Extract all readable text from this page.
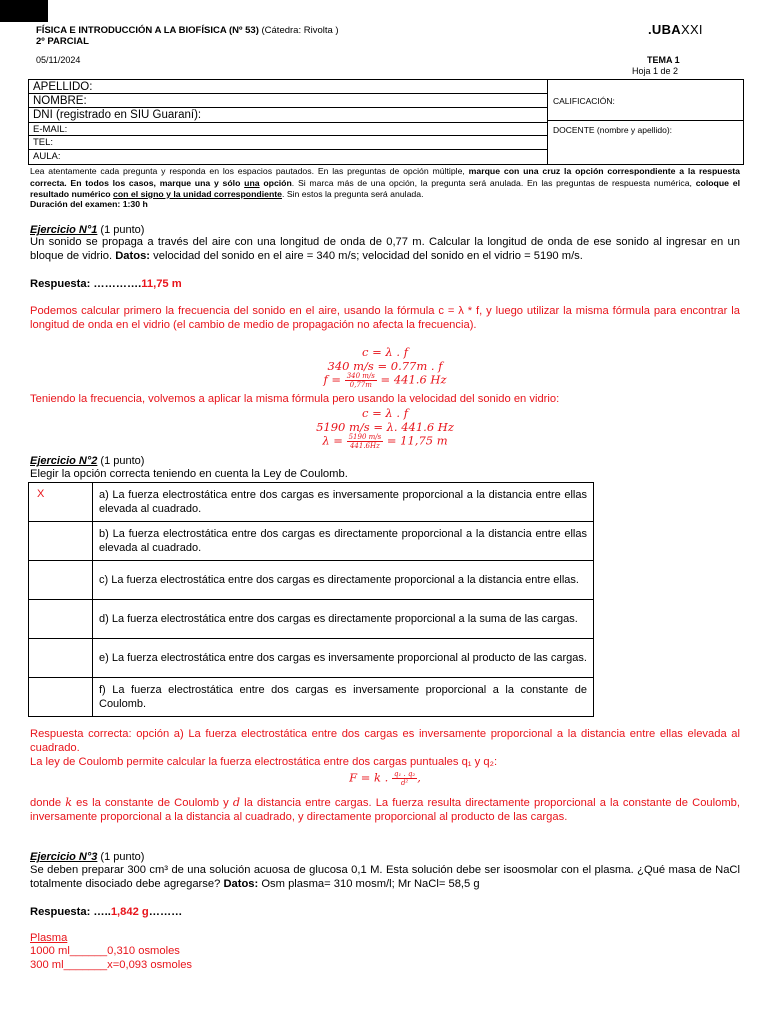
FÍSICA E INTRODUCCIÓN A LA BIOFÍSICA (Nº 53) (Cátedra: Rivolta )
2º PARCIAL
05/11/2024
.UBAXXI
TEMA 1
Hoja 1 de 2
APELLIDO:
NOMBRE:
DNI (registrado en SIU Guaraní):
E-MAIL:
TEL:
AULA:
CALIFICACIÓN:
DOCENTE (nombre y apellido):
Lea atentamente cada pregunta y responda en los espacios pautados. En las preguntas de opción múltiple, marque con una cruz la opción correspondiente a la respuesta correcta. En todos los casos, marque una y sólo una opción. Si marca más de una opción, la pregunta será anulada. En las preguntas de respuesta numérica, coloque el resultado numérico con el signo y la unidad correspondiente. Sin estos la pregunta será anulada.
Duración del examen: 1:30 h
Ejercicio N°1 (1 punto)
Un sonido se propaga a través del aire con una longitud de onda de 0,77 m. Calcular la longitud de onda de ese sonido al ingresar en un bloque de vidrio. Datos: velocidad del sonido en el aire = 340 m/s; velocidad del sonido en el vidrio = 5190 m/s.
Respuesta: ………….11,75 m
Podemos calcular primero la frecuencia del sonido en el aire, usando la fórmula c = λ * f, y luego utilizar la misma fórmula para encontrar la longitud de onda en el vidrio (el cambio de medio de propagación no afecta la frecuencia).
c = λ . f
340 m/s = 0.77m . f
$f = \frac{340 m/s}{0,77m} = 441.6$ Hz
Teniendo la frecuencia, volvemos a aplicar la misma fórmula pero usando la velocidad del sonido en vidrio:
c = λ . f
5190 m/s = λ. 441.6 Hz
$\lambda = \frac{5190 m/s}{441.6Hz} = 11,75$ m
Ejercicio N°2 (1 punto)
Elegir la opción correcta teniendo en cuenta la Ley de Coulomb.
X	a) La fuerza electrostática entre dos cargas es inversamente proporcional a la distancia entre ellas elevada al cuadrado.
	b) La fuerza electrostática entre dos cargas es directamente proporcional a la distancia entre ellas elevada al cuadrado.
	c) La fuerza electrostática entre dos cargas es directamente proporcional a la distancia entre ellas.
	d) La fuerza electrostática entre dos cargas es directamente proporcional a la suma de las cargas.
	e) La fuerza electrostática entre dos cargas es inversamente proporcional al producto de las cargas.
	f) La fuerza electrostática entre dos cargas es inversamente proporcional a la constante de Coulomb.
Respuesta correcta: opción a) La fuerza electrostática entre dos cargas es inversamente proporcional a la distancia entre ellas elevada al cuadrado.
La ley de Coulomb permite calcular la fuerza electrostática entre dos cargas puntuales q₁ y q₂:
F = k . $\frac{\text{q₁ . q₂}}{\text{d²}}$ ,
donde k es la constante de Coulomb y d la distancia entre cargas. La fuerza resulta directamente proporcional a la constante de Coulomb, inversamente proporcional a la distancia al cuadrado, y directamente proporcional al producto de las cargas.
Ejercicio N°3 (1 punto)
Se deben preparar 300 cm³ de una solución acuosa de glucosa 0,1 M. Esta solución debe ser isoosmolar con el plasma. ¿Qué masa de NaCl totalmente disociado debe agregarse? Datos: Osm plasma= 310 mosm/l; Mr NaCl= 58,5 g
Respuesta: …..1,842 g………
Plasma
1000 ml______0,310 osmoles
300 ml_______x=0,093 osmoles
